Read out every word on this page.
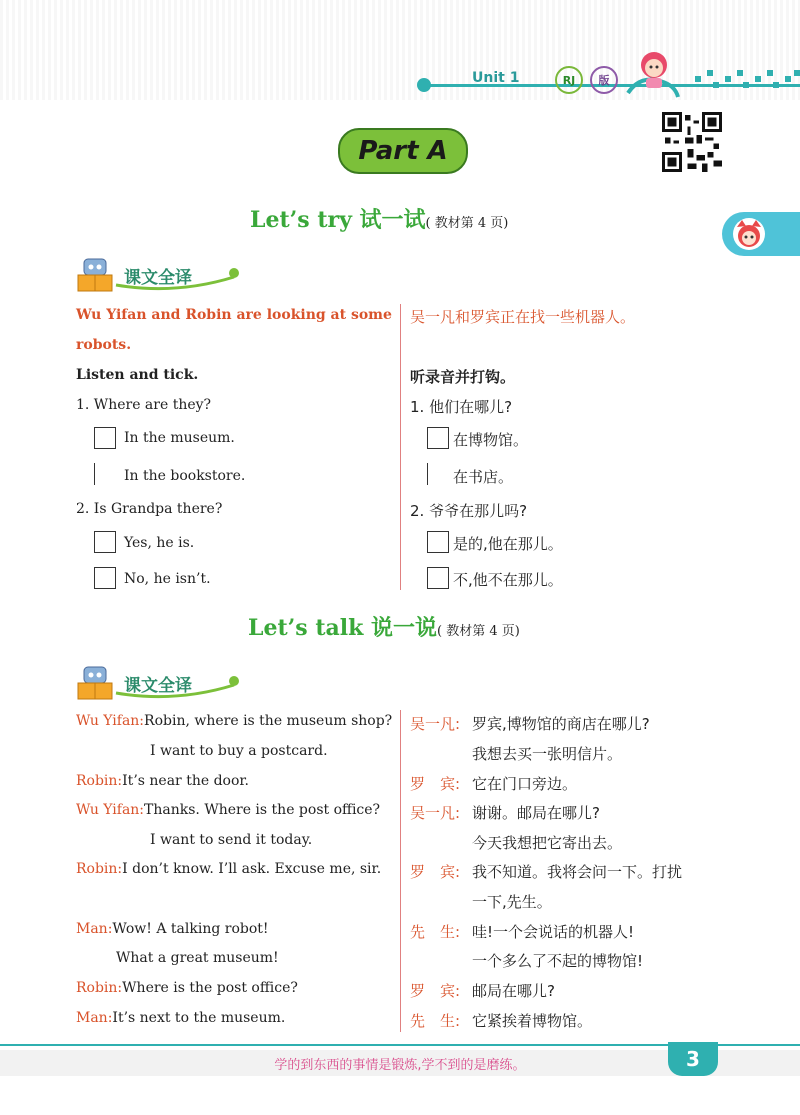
Unit 1	RJ	版
Part A
Let’s try 试一试( 教材第 4 页)
课文全译
Wu Yifan and Robin are looking at some
robots.
吴一凡和罗宾正在找一些机器人。
Listen and tick.	听录音并打钩。
1. Where are they?	1. 他们在哪儿?
In the museum.	在博物馆。
In the bookstore.	在书店。
2. Is Grandpa there?	2. 爷爷在那儿吗?
Yes, he is.	是的,他在那儿。
No, he isn’t.	不,他不在那儿。
Let’s talk 说一说( 教材第 4 页)
课文全译
Wu Yifan:Robin, where is the museum shop? 吴一凡: 罗宾,博物馆的商店在哪儿?
I want to buy a postcard.	我想去买一张明信片。
Robin:It’s near the door.	罗　宾: 它在门口旁边。
Wu Yifan:Thanks. Where is the post office? 吴一凡: 谢谢。邮局在哪儿?
I want to send it today.	今天我想把它寄出去。
Robin:I don’t know. I’ll ask. Excuse me, sir. 罗　宾: 我不知道。我将会问一下。打扰
一下,先生。
Man:Wow! A talking robot!	先　生: 哇!一个会说话的机器人!
What a great museum!	一个多么了不起的博物馆!
Robin:Where is the post office?	罗　宾: 邮局在哪儿?
Man:It’s next to the museum.	先　生: 它紧挨着博物馆。
学的到东西的事情是锻炼,学不到的是磨练。	3
